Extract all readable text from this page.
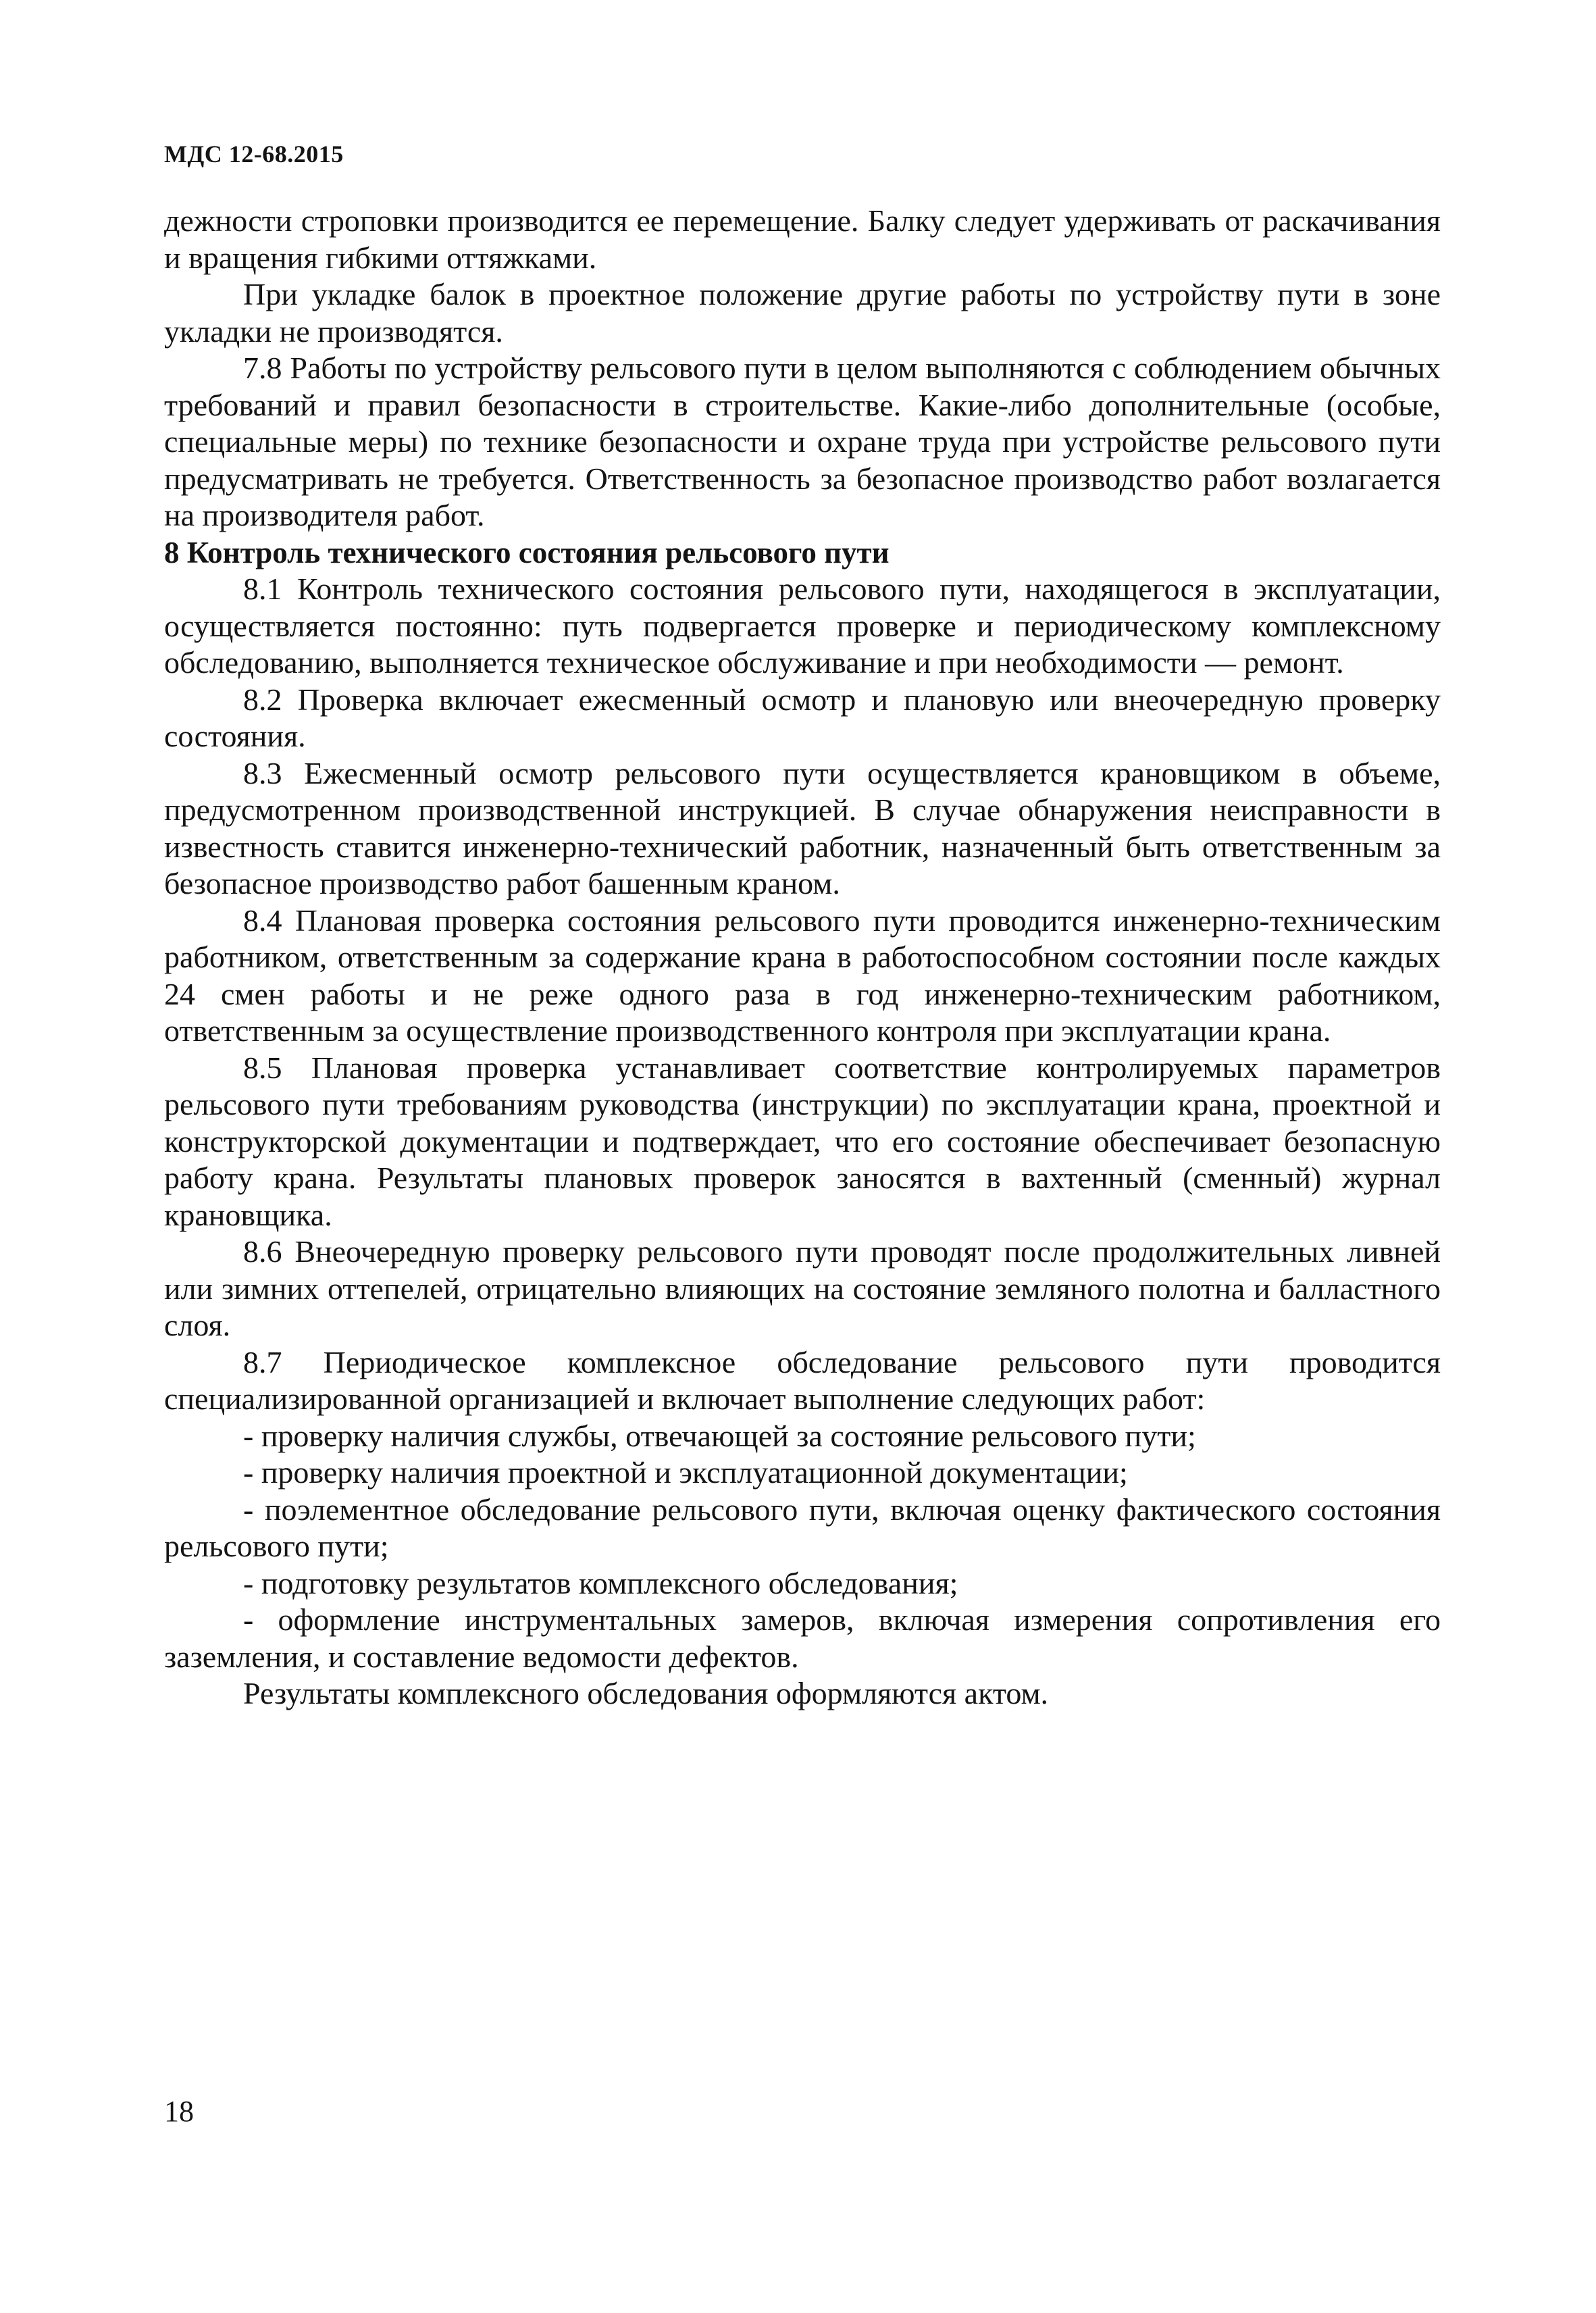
МДС 12-68.2015

дежности строповки производится ее перемещение. Балку следует удерживать от раскачивания и вращения гибкими оттяжками.

При укладке балок в проектное положение другие работы по устройству пути в зоне укладки не производятся.

7.8 Работы по устройству рельсового пути в целом выполняются с соблюдением обычных требований и правил безопасности в строительстве. Какие-либо дополнительные (особые, специальные меры) по технике безопасности и охране труда при устройстве рельсового пути предусматривать не требуется. Ответственность за безопасное производство работ возлагается на производителя работ.

8 Контроль технического состояния рельсового пути

8.1 Контроль технического состояния рельсового пути, находящегося в эксплуатации, осуществляется постоянно: путь подвергается проверке и периодическому комплексному обследованию, выполняется техническое обслуживание и при необходимости — ремонт.

8.2 Проверка включает ежесменный осмотр и плановую или внеочередную проверку состояния.

8.3 Ежесменный осмотр рельсового пути осуществляется крановщиком в объеме, предусмотренном производственной инструкцией. В случае обнаружения неисправности в известность ставится инженерно-технический работник, назначенный быть ответственным за безопасное производство работ башенным краном.

8.4 Плановая проверка состояния рельсового пути проводится инженерно-техническим работником, ответственным за содержание крана в работоспособном состоянии после каждых 24 смен работы и не реже одного раза в год инженерно-техническим работником, ответственным за осуществление производственного контроля при эксплуатации крана.

8.5 Плановая проверка устанавливает соответствие контролируемых параметров рельсового пути требованиям руководства (инструкции) по эксплуатации крана, проектной и конструкторской документации и подтверждает, что его состояние обеспечивает безопасную работу крана. Результаты плановых проверок заносятся в вахтенный (сменный) журнал крановщика.

8.6 Внеочередную проверку рельсового пути проводят после продолжительных ливней или зимних оттепелей, отрицательно влияющих на состояние земляного полотна и балластного слоя.

8.7 Периодическое комплексное обследование рельсового пути проводится специализированной организацией и включает выполнение следующих работ:

- проверку наличия службы, отвечающей за состояние рельсового пути;

- проверку наличия проектной и эксплуатационной документации;

- поэлементное обследование рельсового пути, включая оценку фактического состояния рельсового пути;

- подготовку результатов комплексного обследования;

- оформление инструментальных замеров, включая измерения сопротивления его заземления, и составление ведомости дефектов.

Результаты комплексного обследования оформляются актом.

18
